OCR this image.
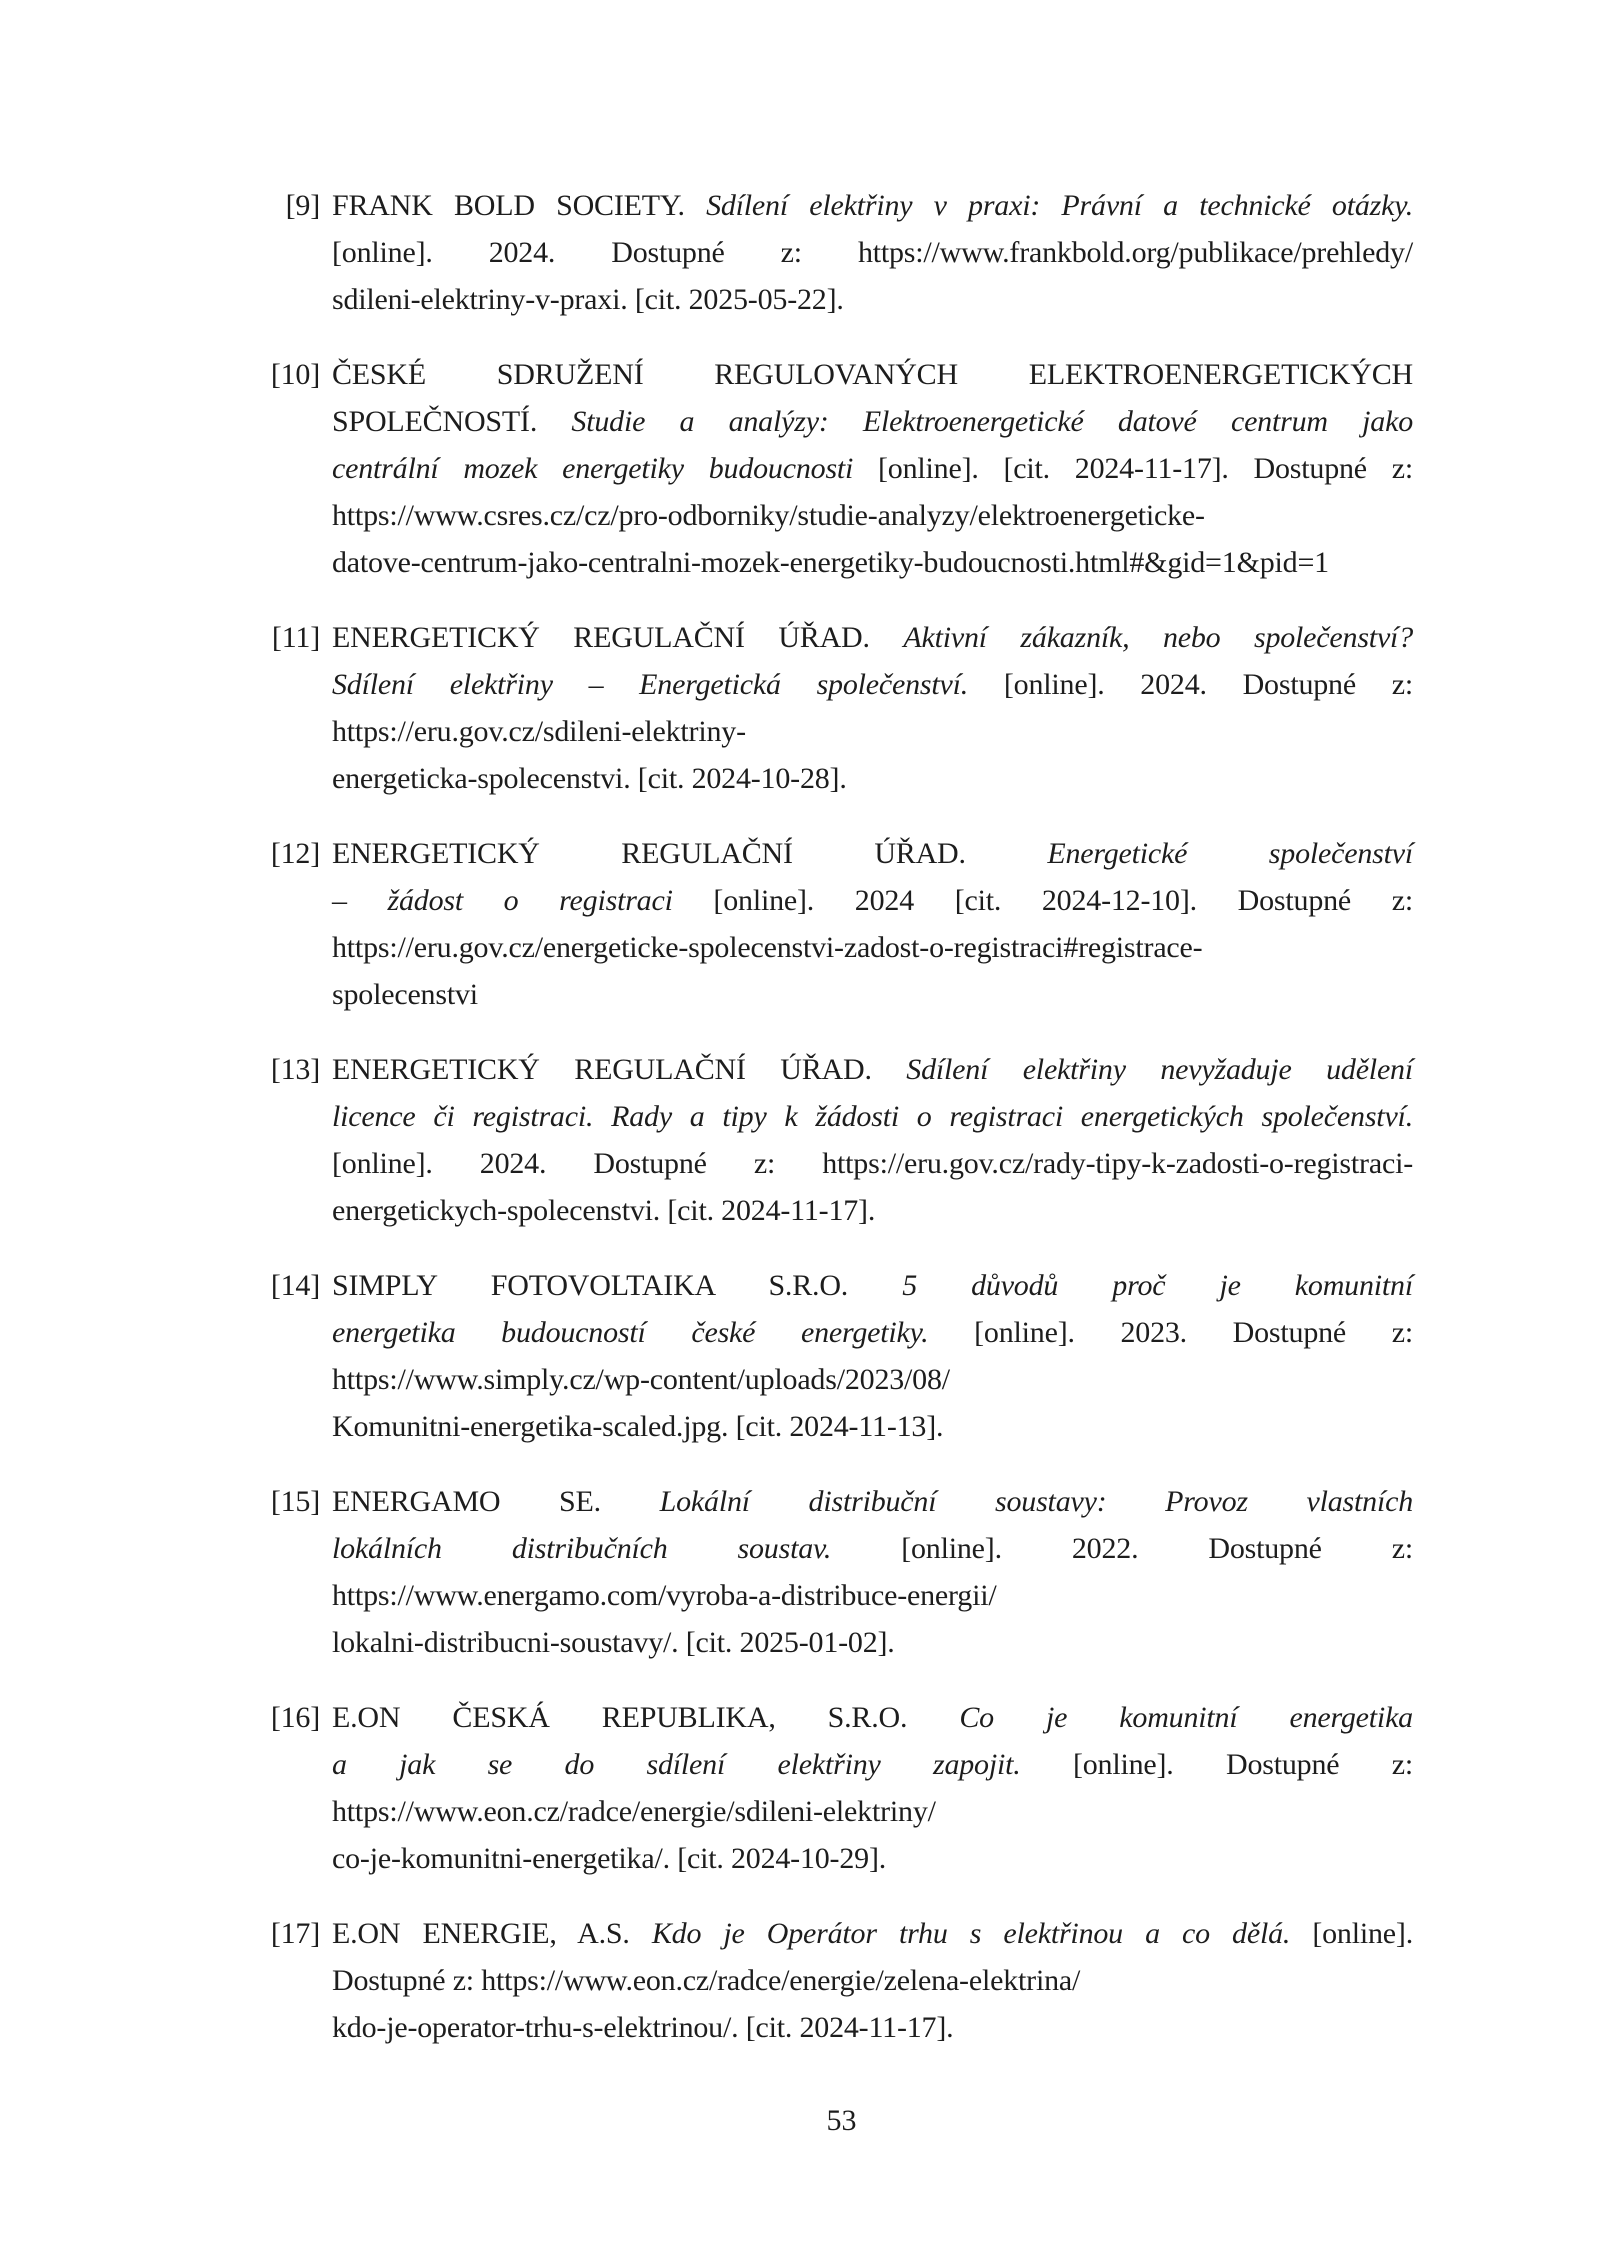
[9] FRANK BOLD SOCIETY. Sdílení elektřiny v praxi: Právní a technické otázky.
[online]. 2024. Dostupné z: https://www.frankbold.org/publikace/prehledy/
sdileni-elektriny-v-praxi. [cit. 2025-05-22].
[10] ČESKÉ SDRUŽENÍ REGULOVANÝCH ELEKTROENERGETICKÝCH
SPOLEČNOSTÍ. Studie a analýzy: Elektroenergetické datové centrum jako
centrální mozek energetiky budoucnosti [online]. [cit. 2024-11-17]. Dostupné z:
https://www.csres.cz/cz/pro-odborniky/studie-analyzy/elektroenergeticke-
datove-centrum-jako-centralni-mozek-energetiky-budoucnosti.html#&gid=1&pid=1
[11] ENERGETICKÝ REGULAČNÍ ÚŘAD. Aktivní zákazník, nebo společenství?
Sdílení elektřiny – Energetická společenství. [online]. 2024. Dostupné z:
https://eru.gov.cz/sdileni-elektriny-
energeticka-spolecenstvi. [cit. 2024-10-28].
[12] ENERGETICKÝ REGULAČNÍ ÚŘAD. Energetické společenství
– žádost o registraci [online]. 2024 [cit. 2024-12-10]. Dostupné z:
https://eru.gov.cz/energeticke-spolecenstvi-zadost-o-registraci#registrace-
spolecenstvi
[13] ENERGETICKÝ REGULAČNÍ ÚŘAD. Sdílení elektřiny nevyžaduje udělení
licence či registraci. Rady a tipy k žádosti o registraci energetických společenství.
[online]. 2024. Dostupné z: https://eru.gov.cz/rady-tipy-k-zadosti-o-registraci-
energetickych-spolecenstvi. [cit. 2024-11-17].
[14] SIMPLY FOTOVOLTAIKA S.R.O. 5 důvodů proč je komunitní
energetika budoucností české energetiky. [online]. 2023. Dostupné z:
https://www.simply.cz/wp-content/uploads/2023/08/
Komunitni-energetika-scaled.jpg. [cit. 2024-11-13].
[15] ENERGAMO SE. Lokální distribuční soustavy: Provoz vlastních
lokálních distribučních soustav. [online]. 2022. Dostupné z:
https://www.energamo.com/vyroba-a-distribuce-energii/
lokalni-distribucni-soustavy/. [cit. 2025-01-02].
[16] E.ON ČESKÁ REPUBLIKA, S.R.O. Co je komunitní energetika
a jak se do sdílení elektřiny zapojit. [online]. Dostupné z:
https://www.eon.cz/radce/energie/sdileni-elektriny/
co-je-komunitni-energetika/. [cit. 2024-10-29].
[17] E.ON ENERGIE, A.S. Kdo je Operátor trhu s elektřinou a co dělá. [online].
Dostupné z: https://www.eon.cz/radce/energie/zelena-elektrina/
kdo-je-operator-trhu-s-elektrinou/. [cit. 2024-11-17].
53
